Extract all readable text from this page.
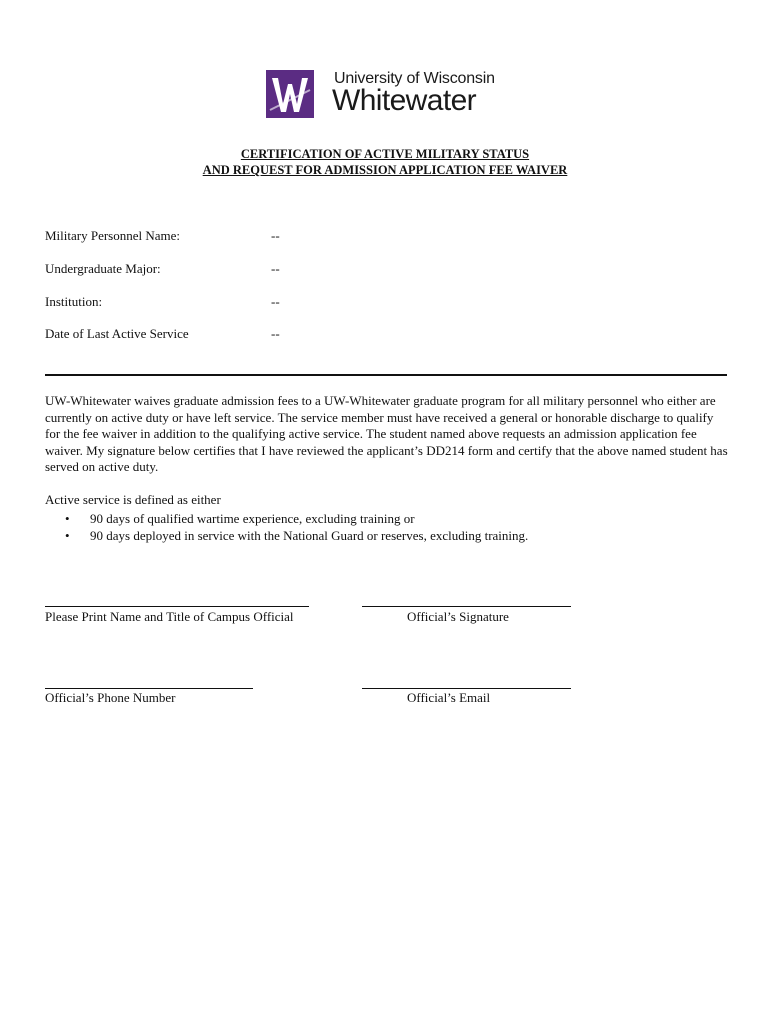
University of Wisconsin
Whitewater
CERTIFICATION OF ACTIVE MILITARY STATUS
AND REQUEST FOR ADMISSION APPLICATION FEE WAIVER
Military Personnel Name:	--
Undergraduate Major:	--
Institution:	--
Date of Last Active Service	--
UW-Whitewater waives graduate admission fees to a UW-Whitewater graduate program for all military personnel who either are currently on active duty or have left service. The service member must have received a general or honorable discharge to qualify for the fee waiver in addition to the qualifying active service. The student named above requests an admission application fee waiver. My signature below certifies that I have reviewed the applicant’s DD214 form and certify that the above named student has served on active duty.
Active service is defined as either
• 90 days of qualified wartime experience, excluding training or
• 90 days deployed in service with the National Guard or reserves, excluding training.
Please Print Name and Title of Campus Official	Official’s Signature
Official’s Phone Number	Official’s Email
